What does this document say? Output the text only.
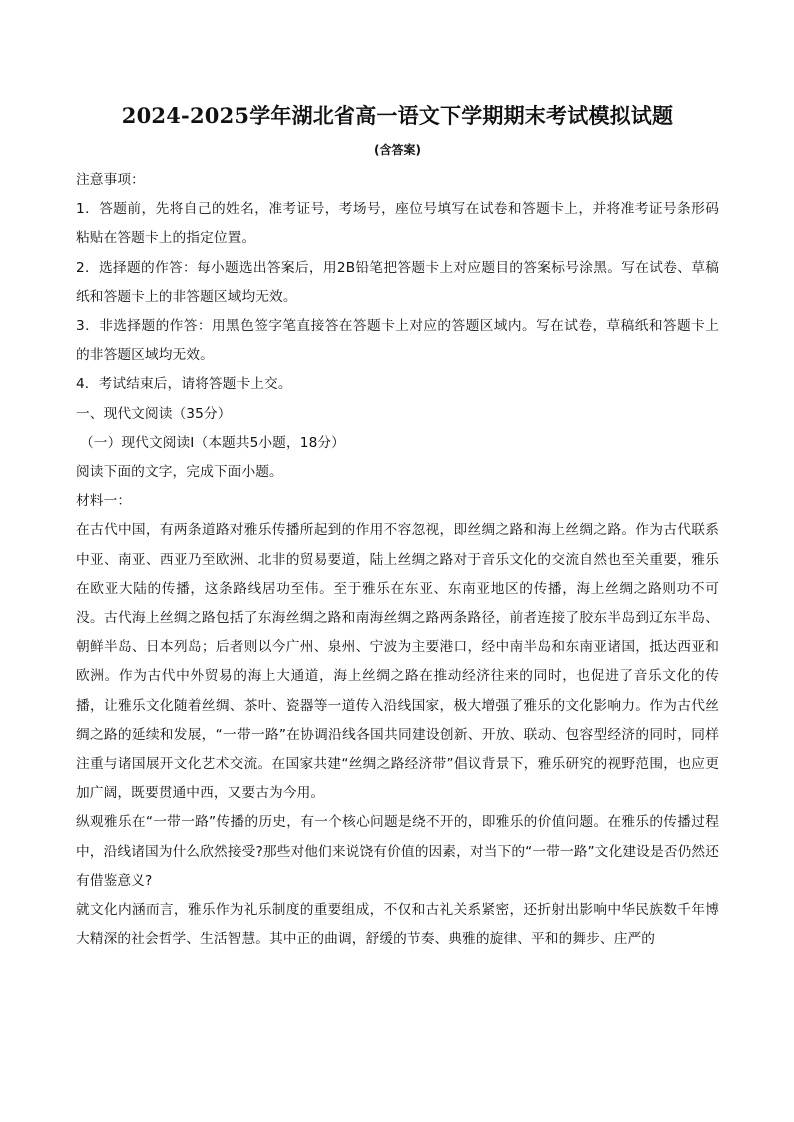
2024-2025学年湖北省高一语文下学期期末考试模拟试题
(含答案)

注意事项：

1．答题前，先将自己的姓名，准考证号，考场号，座位号填写在试卷和答题卡上，并将准考证号条形码粘贴在答题卡上的指定位置。

2．选择题的作答：每小题选出答案后，用2B铅笔把答题卡上对应题目的答案标号涂黑。写在试卷、草稿纸和答题卡上的非答题区域均无效。

3．非选择题的作答：用黑色签字笔直接答在答题卡上对应的答题区域内。写在试卷，草稿纸和答题卡上的非答题区域均无效。

4．考试结束后，请将答题卡上交。

一、现代文阅读（35分）

（一）现代文阅读Ⅰ（本题共5小题，18分）

阅读下面的文字，完成下面小题。

材料一：

在古代中国，有两条道路对雅乐传播所起到的作用不容忽视，即丝绸之路和海上丝绸之路。作为古代联系中亚、南亚、西亚乃至欧洲、北非的贸易要道，陆上丝绸之路对于音乐文化的交流自然也至关重要，雅乐在欧亚大陆的传播，这条路线居功至伟。至于雅乐在东亚、东南亚地区的传播，海上丝绸之路则功不可没。古代海上丝绸之路包括了东海丝绸之路和南海丝绸之路两条路径，前者连接了胶东半岛到辽东半岛、朝鲜半岛、日本列岛；后者则以今广州、泉州、宁波为主要港口，经中南半岛和东南亚诸国，抵达西亚和欧洲。作为古代中外贸易的海上大通道，海上丝绸之路在推动经济往来的同时，也促进了音乐文化的传播，让雅乐文化随着丝绸、茶叶、瓷器等一道传入沿线国家，极大增强了雅乐的文化影响力。作为古代丝绸之路的延续和发展，“一带一路”在协调沿线各国共同建设创新、开放、联动、包容型经济的同时，同样注重与诸国展开文化艺术交流。在国家共建“丝绸之路经济带”倡议背景下，雅乐研究的视野范围，也应更加广阔，既要贯通中西，又要古为今用。

纵观雅乐在“一带一路”传播的历史，有一个核心问题是绕不开的，即雅乐的价值问题。在雅乐的传播过程中，沿线诸国为什么欣然接受?那些对他们来说饶有价值的因素，对当下的“一带一路”文化建设是否仍然还有借鉴意义?

就文化内涵而言，雅乐作为礼乐制度的重要组成，不仅和古礼关系紧密，还折射出影响中华民族数千年博大精深的社会哲学、生活智慧。其中正的曲调，舒缓的节奏、典雅的旋律、平和的舞步、庄严的
